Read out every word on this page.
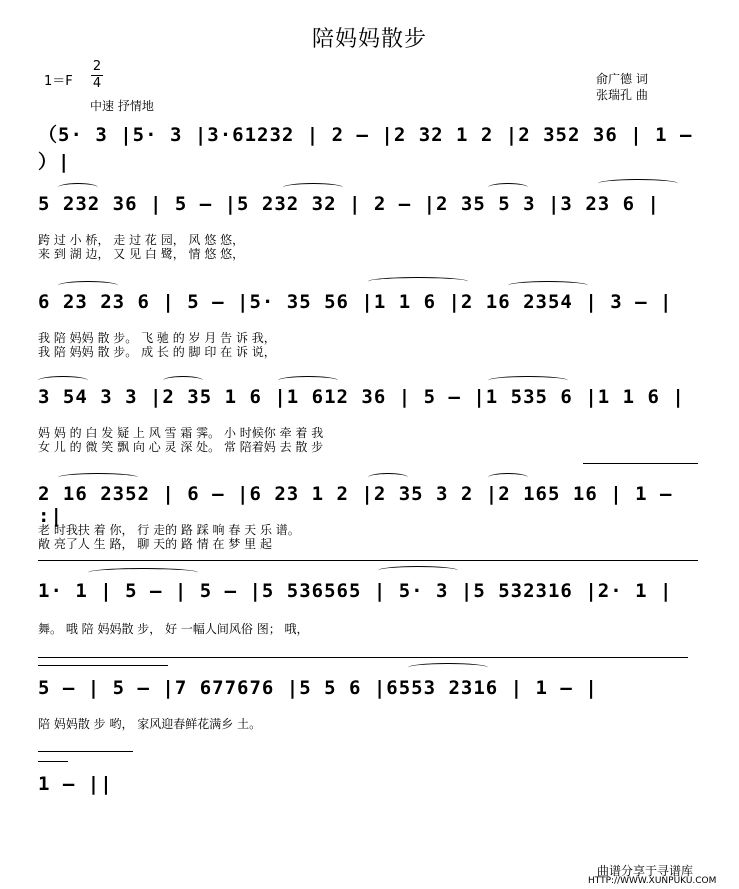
陪妈妈散步
1＝F
2
4
中速 抒情地
俞广德 词
张瑞孔 曲
（5· 3 |5· 3 |3·61232 | 2 – |2 32 1 2 |2 352 36 | 1 – ）|
5 232 36 | 5 – |5 232 32 | 2 – |2 35 5 3 |3 23 6 |
跨 过 小 桥， 走 过 花 园， 风 悠 悠，
来 到 湖 边， 又 见 白 鹭， 情 悠 悠，
6 23 23 6 | 5 – |5· 35 56 |1 1 6 |2 16 2354 | 3 – |
我 陪 妈妈 散 步。 飞 驰 的 岁 月 告 诉 我，
我 陪 妈妈 散 步。 成 长 的 脚 印 在 诉 说，
3 54 3 3 |2 35 1 6 |1 612 36 | 5 – |1 535 6 |1 1 6 |
妈 妈 的 白 发 疑 上 风 雪 霜 霁。 小 时候你 牵 着 我
女 儿 的 微 笑 飘 向 心 灵 深 处。 常 陪着妈 去 散 步
2 16 2352 | 6 – |6 23 1 2 |2 35 3 2 |2 165 16 | 1 – :|
老 时我扶 着 你， 行 走的 路 踩 响 春 天 乐 谱。
敞 亮了人 生 路， 聊 天的 路 情 在 梦 里 起
1· 1 | 5 – | 5 – |5 536565 | 5· 3 |5 532316 |2· 1 |
舞。 哦 陪 妈妈散 步， 好 一幅人间风俗 图； 哦，
5 – | 5 – |7 677676 |5 5 6 |6553 2316 | 1 – |
陪 妈妈散 步 哟， 家风迎春鲜花满乡 土。
1 – ||
曲谱分享于寻谱库
HTTP://WWW.XUNPUKU.COM
